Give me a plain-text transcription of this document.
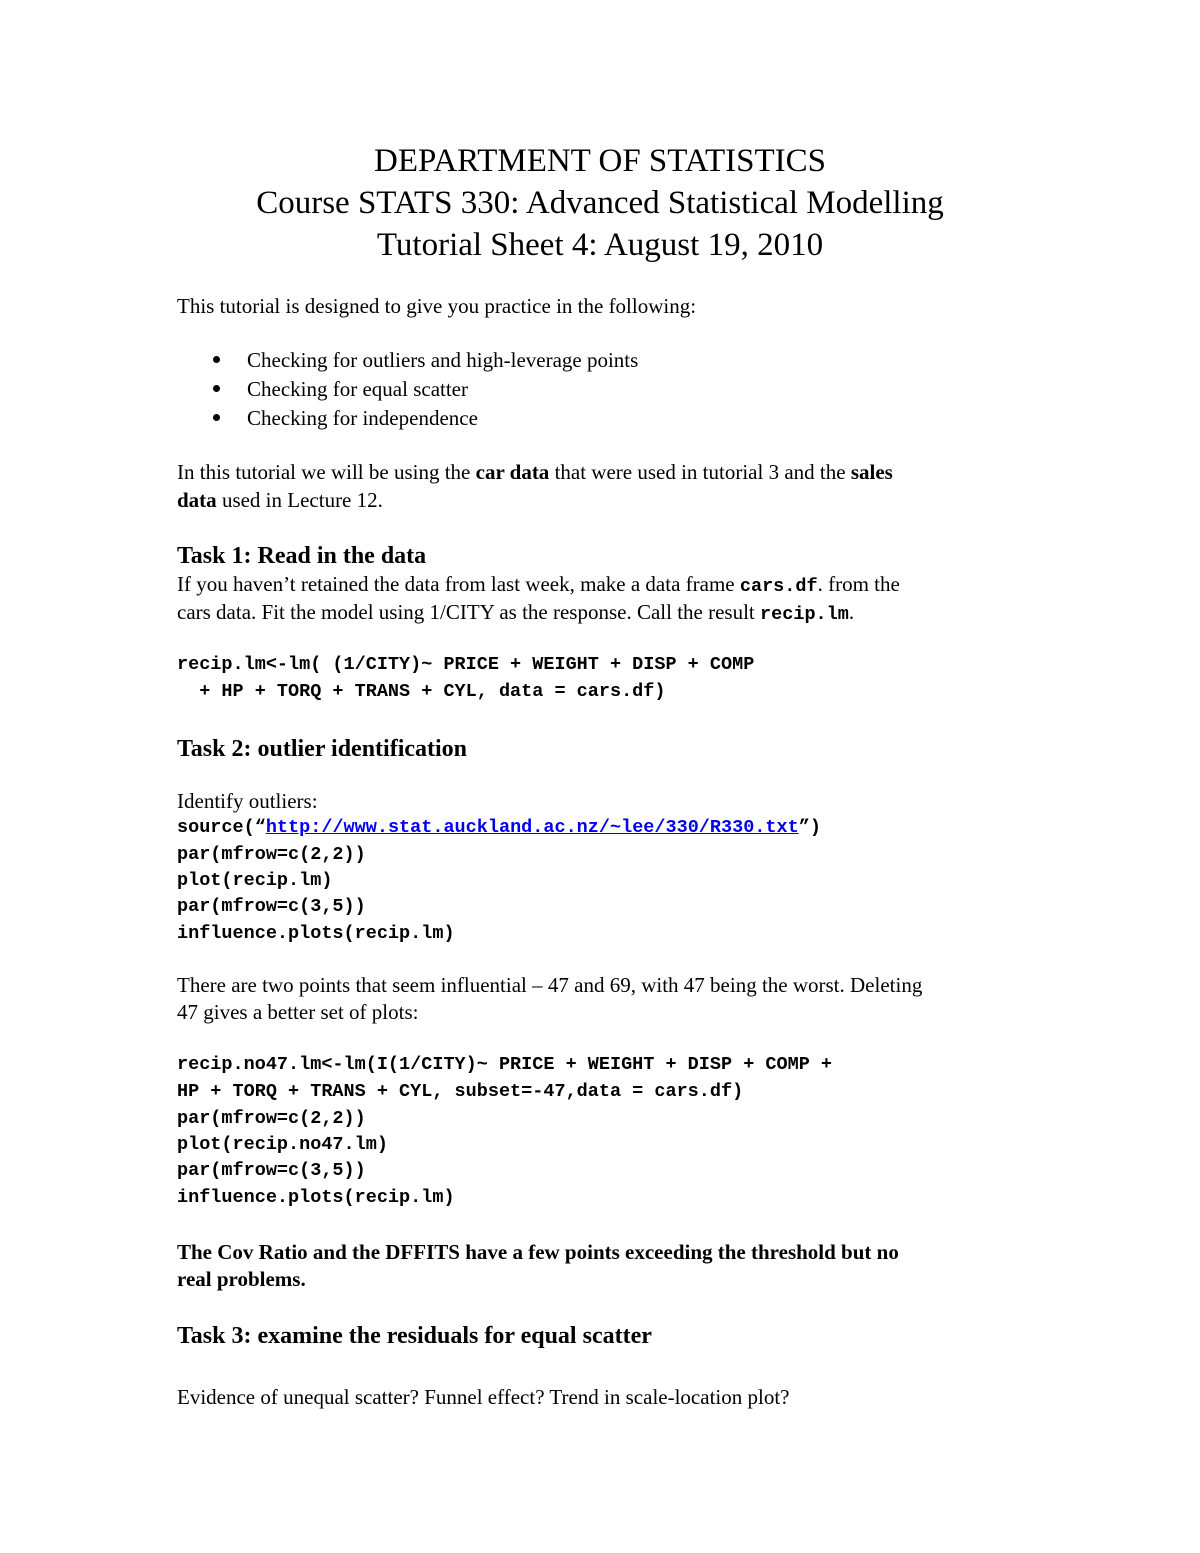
DEPARTMENT OF STATISTICS

Course STATS 330: Advanced Statistical Modelling

Tutorial Sheet 4: August 19, 2010

This tutorial is designed to give you practice in the following:

Checking for outliers and high-leverage points

Checking for equal scatter

Checking for independence

In this tutorial we will be using the car data that were used in tutorial 3 and the sales

data used in Lecture 12.

Task 1: Read in the data

If you haven’t retained the data from last week, make a data frame cars.df. from the

cars data. Fit the model using 1/CITY as the response. Call the result recip.lm.

recip.lm<-lm( (1/CITY)~ PRICE + WEIGHT + DISP + COMP

+ HP + TORQ + TRANS + CYL, data = cars.df)

Task 2: outlier identification

Identify outliers:

source(“http://www.stat.auckland.ac.nz/~lee/330/R330.txt”)

par(mfrow=c(2,2))

plot(recip.lm)

par(mfrow=c(3,5))

influence.plots(recip.lm)

There are two points that seem influential – 47 and 69, with 47 being the worst. Deleting

47 gives a better set of plots:

recip.no47.lm<-lm(I(1/CITY)~ PRICE + WEIGHT + DISP + COMP +

HP + TORQ + TRANS + CYL, subset=-47,data = cars.df)

par(mfrow=c(2,2))

plot(recip.no47.lm)

par(mfrow=c(3,5))

influence.plots(recip.lm)

The Cov Ratio and the DFFITS have a few points exceeding the threshold but no

real problems.

Task 3: examine the residuals for equal scatter

Evidence of unequal scatter? Funnel effect? Trend in scale-location plot?
